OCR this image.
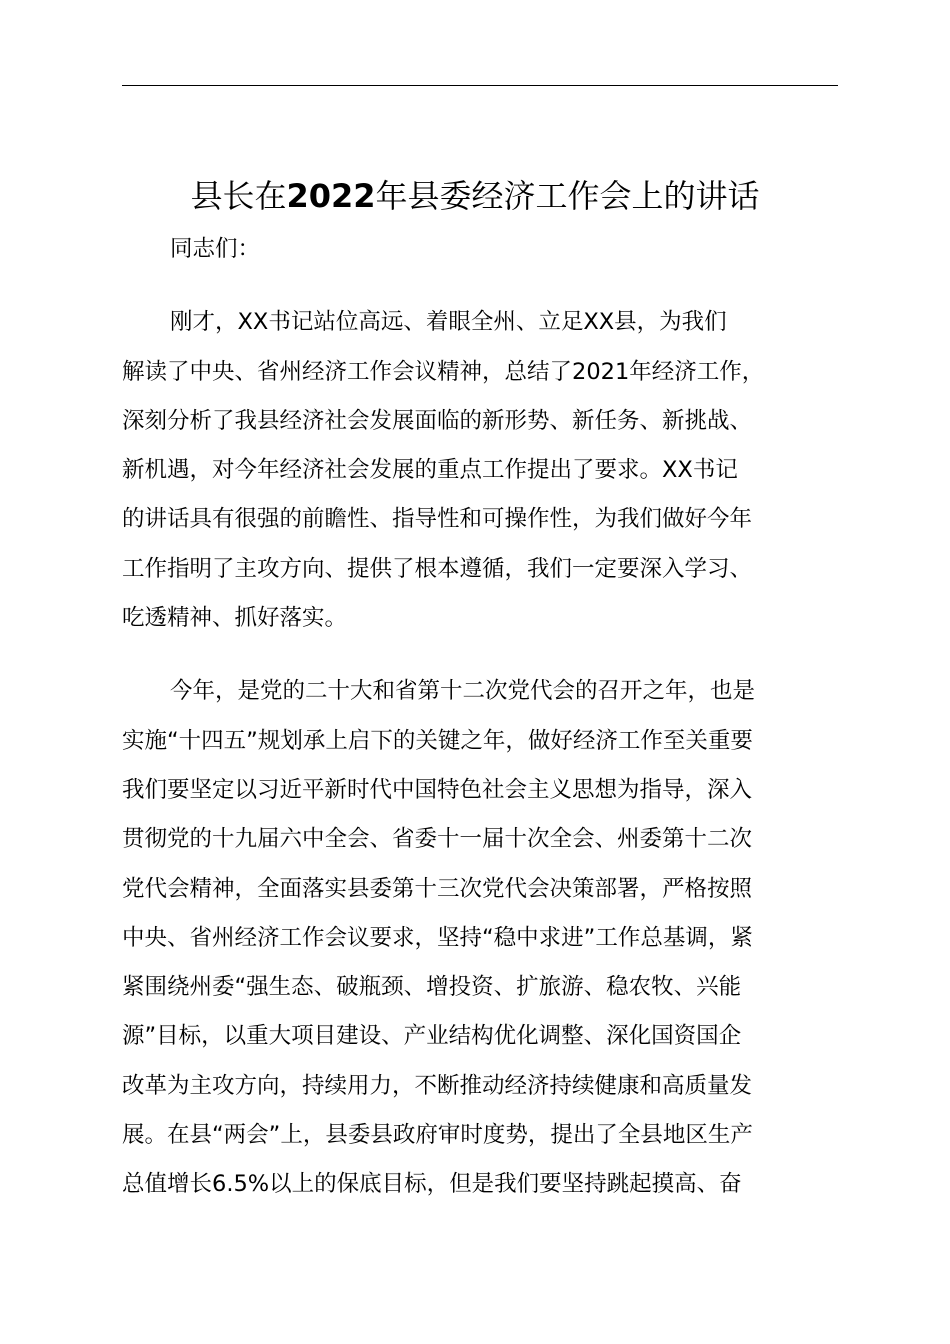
县长在2022年县委经济工作会上的讲话

同志们：

刚才，XX书记站位高远、着眼全州、立足XX县，为我们
解读了中央、省州经济工作会议精神，总结了2021年经济工作，
深刻分析了我县经济社会发展面临的新形势、新任务、新挑战、
新机遇，对今年经济社会发展的重点工作提出了要求。XX书记
的讲话具有很强的前瞻性、指导性和可操作性，为我们做好今年
工作指明了主攻方向、提供了根本遵循，我们一定要深入学习、
吃透精神、抓好落实。

今年，是党的二十大和省第十二次党代会的召开之年，也是
实施“十四五”规划承上启下的关键之年，做好经济工作至关重要
我们要坚定以习近平新时代中国特色社会主义思想为指导，深入
贯彻党的十九届六中全会、省委十一届十次全会、州委第十二次
党代会精神，全面落实县委第十三次党代会决策部署，严格按照
中央、省州经济工作会议要求，坚持“稳中求进”工作总基调，紧
紧围绕州委“强生态、破瓶颈、增投资、扩旅游、稳农牧、兴能
源”目标，以重大项目建设、产业结构优化调整、深化国资国企
改革为主攻方向，持续用力，不断推动经济持续健康和高质量发
展。在县“两会”上，县委县政府审时度势，提出了全县地区生产
总值增长6.5%以上的保底目标，但是我们要坚持跳起摸高、奋
